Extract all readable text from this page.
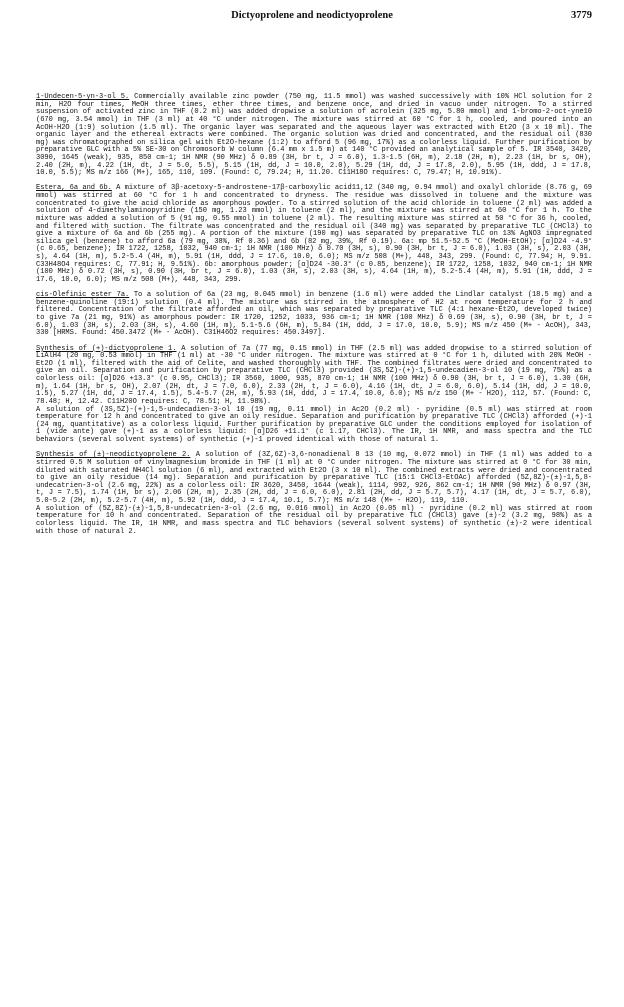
Dictyoprolene and neodictyoprolene	3779

1-Undecen-5-yn-3-ol 5. Commercially available zinc powder (750 mg, 11.5 mmol) was washed successively with 10% HCl solution for 2 min, H2O four times, MeOH three times, ether three times, and benzene once, and dried in vacuo under nitrogen. To a stirred suspension of activated zinc in THF (0.2 ml) was added dropwise a solution of acrolein (325 mg, 5.80 mmol) and 1-bromo-2-oct-yne10 (670 mg, 3.54 mmol) in THF (3 ml) at 40 °C under nitrogen. The mixture was stirred at 60 °C for 1 h, cooled, and poured into an AcOH-H2O (1:9) solution (1.5 ml). The organic layer was separated and the aqueous layer was extracted with Et2O (3 x 10 ml). The organic layer and the ethereal extracts were combined. The organic solution was dried and concentrated, and the residual oil (830 mg) was chromatographed on silica gel with Et2O-hexane (1:2) to afford 5 (96 mg, 17%) as a colorless liquid. Further purification by preparative GLC with a 5% SE-30 on Chromosorb W column (6.4 mm x 1.5 m) at 140 °C provided an analytical sample of 5. IR 3540, 3420, 3090, 1645 (weak), 935, 850 cm-1; 1H NMR (90 MHz) δ 0.89 (3H, br t, J = 6.0), 1.3-1.5 (6H, m), 2.18 (2H, m), 2.23 (1H, br s, OH), 2.40 (2H, m), 4.22 (1H, dt, J = 5.0, 5.5), 5.15 (1H, dd, J = 10.0, 2.0), 5.29 (1H, dd, J = 17.8, 2.0), 5.95 (1H, ddd, J = 17.8, 10.0, 5.5); MS m/z 166 (M+), 165, 110, 109. (Found: C, 79.24; H, 11.20. C11H18O requires: C, 79.47; H, 10.91%).

Estera, 6a and 6b. A mixture of 3β-acetoxy-5-androstene-17β-carboxylic acid11,12 (340 mg, 0.94 mmol) and oxalyl chloride (8.76 g, 69 mmol) was stirred at 60 °C for 1 h and concentrated to dryness. The residue was dissolved in toluene and the mixture was concentrated to give the acid chloride as amorphous powder. To a stirred solution of the acid chloride in toluene (2 ml) was added a solution of 4-dimethylaminopyridine (150 mg, 1.23 mmol) in toluene (2 ml), and the mixture was stirred at 60 °C for 1 h. To the mixture was added a solution of 5 (91 mg, 0.55 mmol) in toluene (2 ml). The resulting mixture was stirred at 50 °C for 36 h, cooled, and filtered with suction. The filtrate was concentrated and the residual oil (340 mg) was separated by preparative TLC (CHCl3) to give a mixture of 6a and 6b (255 mg). A portion of the mixture (190 mg) was separated by preparative TLC on 13% AgNO3 impregnated silica gel (benzene) to afford 6a (79 mg, 38%, Rf 0.36) and 6b (82 mg, 39%, Rf 0.19). 6a: mp 51.5-52.5 °C (MeOH-EtOH); [α]D24 -4.9° (c 0.65, benzene); IR 1722, 1258, 1032, 940 cm-1; 1H NMR (100 MHz) δ 0.70 (3H, s), 0.90 (3H, br t, J = 6.0), 1.03 (3H, s), 2.03 (3H, s), 4.64 (1H, m), 5.2-5.4 (4H, m), 5.91 (1H, ddd, J = 17.6, 10.0, 6.0); MS m/z 508 (M+), 448, 343, 299. (Found: C, 77.94; H, 9.91. C33H48O4 requires: C, 77.91; H, 9.51%). 6b: amorphous powder; [α]D24 -30.3° (c 0.85, benzene); IR 1722, 1258, 1032, 940 cm-1; 1H NMR (100 MHz) δ 0.72 (3H, s), 0.90 (3H, br t, J = 6.0), 1.03 (3H, s), 2.03 (3H, s), 4.64 (1H, m), 5.2-5.4 (4H, m), 5.91 (1H, ddd, J = 17.6, 10.0, 6.0); MS m/z 508 (M+), 448, 343, 299.

cis-Olefinic ester 7a. To a solution of 6a (23 mg, 0.045 mmol) in benzene (1.6 ml) were added the Lindlar catalyst (18.5 mg) and a benzene-quinoline (19:1) solution (0.4 ml). The mixture was stirred in the atmosphere of H2 at room temperature for 2 h and filtered. Concentration of the filtrate afforded an oil, which was separated by preparative TLC (4:1 hexane-Et2O, developed twice) to give 7a (21 mg, 91%) as amorphous powder: IR 1720, 1252, 1033, 936 cm-1; 1H NMR (100 MHz) δ 0.69 (3H, s), 0.90 (3H, br t, J = 6.0), 1.03 (3H, s), 2.03 (3H, s), 4.60 (1H, m), 5.1-5.6 (6H, m), 5.84 (1H, ddd, J = 17.0, 10.0, 5.9); MS m/z 450 (M+ - AcOH), 343, 330 [HRMS. Found: 450.3472 (M+ - AcOH). C31H46O2 requires: 450.3497].

Synthesis of (+)-dictyoprolene 1. A solution of 7a (77 mg, 0.15 mmol) in THF (2.5 ml) was added dropwise to a stirred solution of LiAlH4 (20 mg, 0.53 mmol) in THF (1 ml) at -30 °C under nitrogen. The mixture was stirred at 0 °C for 1 h, diluted with 20% MeOH - Et2O (1 ml), filtered with the aid of Celite, and washed thoroughly with THF. The combined filtrates were dried and concentrated to give an oil. Separation and purification by preparative TLC (CHCl3) provided (3S,5Z)-(+)-1,5-undecadien-3-ol 10 (19 mg, 75%) as a colorless oil: [α]D26 +13.3° (c 0.95, CHCl3); IR 3560, 1000, 935, 870 cm-1; 1H NMR (100 MHz) δ 0.90 (3H, br t, J = 6.0), 1.30 (6H, m), 1.64 (1H, br s, OH), 2.07 (2H, dt, J = 7.0, 6.0), 2.33 (2H, t, J = 6.0), 4.16 (1H, dt, J = 6.0, 6.0), 5.14 (1H, dd, J = 10.0, 1.5), 5.27 (1H, dd, J = 17.4, 1.5), 5.4-5.7 (2H, m), 5.93 (1H, ddd, J = 17.4, 10.0, 6.0); MS m/z 150 (M+ - H2O), 112, 57. (Found: C, 78.48; H, 12.42. C11H20O requires: C, 78.51; H, 11.98%).

A solution of (3S,5Z)-(+)-1,5-undecadien-3-ol 10 (19 mg, 0.11 mmol) in Ac2O (0.2 ml) - pyridine (0.5 ml) was stirred at room temperature for 12 h and concentrated to give an oily residue. Separation and purification by preparative TLC (CHCl3) afforded (+)-1 (24 mg, quantitative) as a colorless liquid. Further purification by preparative GLC under the conditions employed for isolation of 1 (vide ante) gave (+)-1 as a colorless liquid: [α]D26 +11.1° (c 1.17, CHCl3). The IR, 1H NMR, and mass spectra and the TLC behaviors (several solvent systems) of synthetic (+)-1 proved identical with those of natural 1.

Synthesis of (±)-neodictyoprolene 2. A solution of (3Z,6Z)-3,6-nonadienal 8 13 (10 mg, 0.072 mmol) in THF (1 ml) was added to a stirred 0.5 M solution of vinylmagnesium bromide in THF (1 ml) at 0 °C under nitrogen. The mixture was stirred at 0 °C for 30 min, diluted with saturated NH4Cl solution (6 ml), and extracted with Et2O (3 x 10 ml). The combined extracts were dried and concentrated to give an oily residue (14 mg). Separation and purification by preparative TLC (15:1 CHCl3-EtOAc) afforded (5Z,8Z)-(±)-1,5,8-undecatrien-3-ol (2.6 mg, 22%) as a colorless oil: IR 3620, 3450, 1644 (weak), 1114, 992, 926, 862 cm-1; 1H NMR (90 MHz) δ 0.97 (3H, t, J = 7.5), 1.74 (1H, br s), 2.06 (2H, m), 2.35 (2H, dd, J = 6.0, 6.0), 2.81 (2H, dd, J = 5.7, 5.7), 4.17 (1H, dt, J = 5.7, 6.0), 5.0-5.2 (2H, m), 5.2-5.7 (4H, m), 5.92 (1H, ddd, J = 17.4, 10.1, 5.7); MS m/z 148 (M+ - H2O), 119, 110.

A solution of (5Z,8Z)-(±)-1,5,8-undecatrien-3-ol (2.6 mg, 0.016 mmol) in Ac2O (0.05 ml) - pyridine (0.2 ml) was stirred at room temperature for 10 h and concentrated. Separation of the residual oil by preparative TLC (CHCl3) gave (±)-2 (3.2 mg, 98%) as a colorless liquid. The IR, 1H NMR, and mass spectra and TLC behaviors (several solvent systems) of synthetic (±)-2 were identical with those of natural 2.
